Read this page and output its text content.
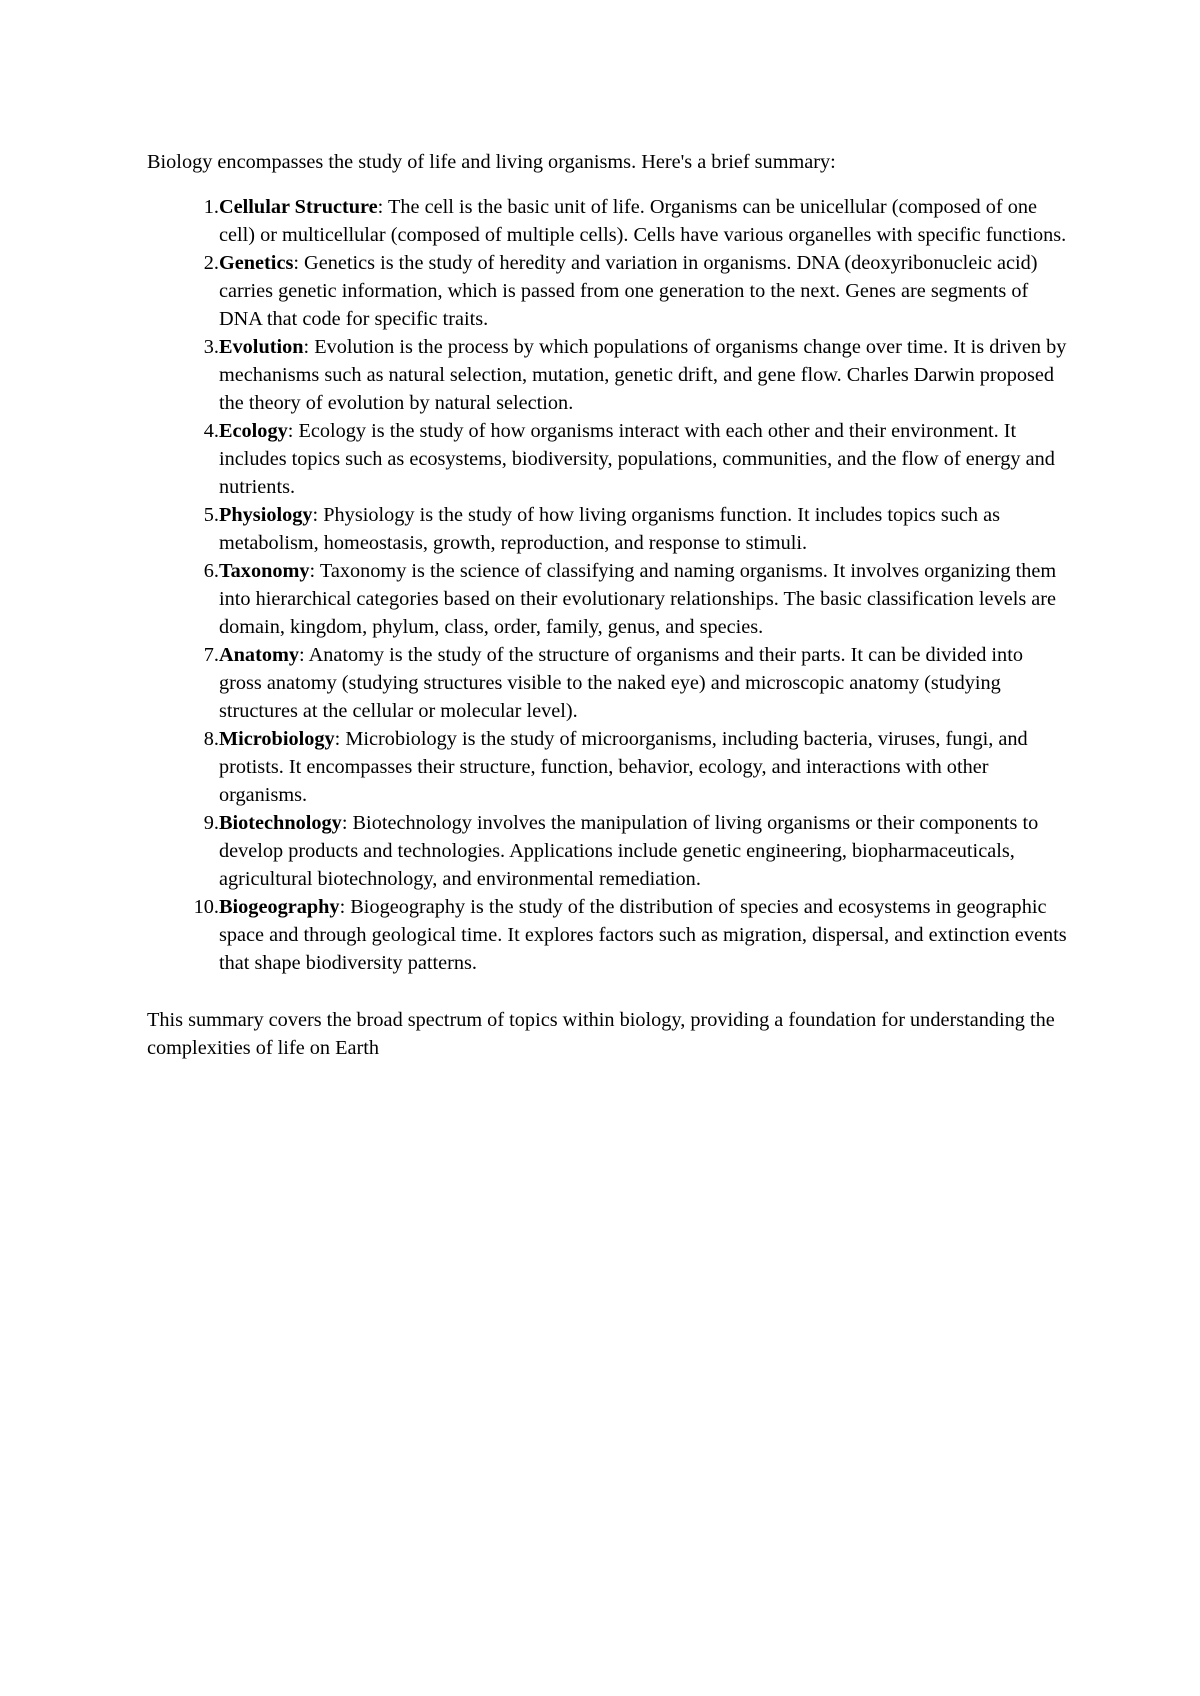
Biology encompasses the study of life and living organisms. Here's a brief summary:

1. Cellular Structure: The cell is the basic unit of life. Organisms can be unicellular (composed of one cell) or multicellular (composed of multiple cells). Cells have various organelles with specific functions.
2. Genetics: Genetics is the study of heredity and variation in organisms. DNA (deoxyribonucleic acid) carries genetic information, which is passed from one generation to the next. Genes are segments of DNA that code for specific traits.
3. Evolution: Evolution is the process by which populations of organisms change over time. It is driven by mechanisms such as natural selection, mutation, genetic drift, and gene flow. Charles Darwin proposed the theory of evolution by natural selection.
4. Ecology: Ecology is the study of how organisms interact with each other and their environment. It includes topics such as ecosystems, biodiversity, populations, communities, and the flow of energy and nutrients.
5. Physiology: Physiology is the study of how living organisms function. It includes topics such as metabolism, homeostasis, growth, reproduction, and response to stimuli.
6. Taxonomy: Taxonomy is the science of classifying and naming organisms. It involves organizing them into hierarchical categories based on their evolutionary relationships. The basic classification levels are domain, kingdom, phylum, class, order, family, genus, and species.
7. Anatomy: Anatomy is the study of the structure of organisms and their parts. It can be divided into gross anatomy (studying structures visible to the naked eye) and microscopic anatomy (studying structures at the cellular or molecular level).
8. Microbiology: Microbiology is the study of microorganisms, including bacteria, viruses, fungi, and protists. It encompasses their structure, function, behavior, ecology, and interactions with other organisms.
9. Biotechnology: Biotechnology involves the manipulation of living organisms or their components to develop products and technologies. Applications include genetic engineering, biopharmaceuticals, agricultural biotechnology, and environmental remediation.
10. Biogeography: Biogeography is the study of the distribution of species and ecosystems in geographic space and through geological time. It explores factors such as migration, dispersal, and extinction events that shape biodiversity patterns.

This summary covers the broad spectrum of topics within biology, providing a foundation for understanding the complexities of life on Earth
